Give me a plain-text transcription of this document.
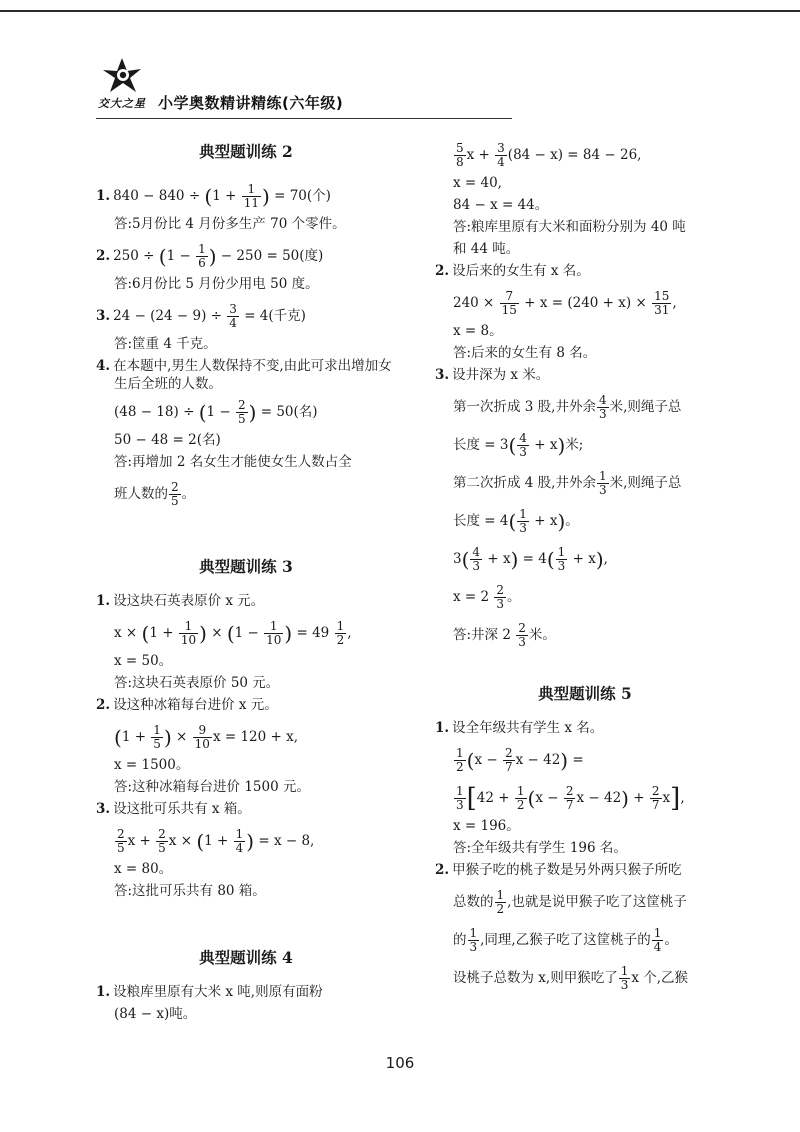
交大之星 小学奥数精讲精练(六年级)
典型题训练 2
1. $840 - 840 \div (1 + \frac{1}{11}$ ) = 70(个)
答:5月份比 4 月份多生产 70 个零件。
2. $250 \div (1 - \frac{1}{6}$ ) − 250 = 50(度)
答:6月份比 5 月份少用电 50 度。
3. $24 - (24 - 9) \div \frac{3}{4} = 4$(千克)
答:筐重 4 千克。
4. 在本题中,男生人数保持不变,由此可求出增加女生后全班的人数。
$(48 - 18) \div (1 - \frac{2}{5}$ ) = 50(名)
50 − 48 = 2(名)
答:再增加 2 名女生才能使女生人数占全
班人数的 $\frac{2}{5}$ 。
典型题训练 3
1. 设这块石英表原价 x 元。
$x \times (1 + \frac{1}{10}$ ) × ($1 - \frac{1}{10}$ ) = $49 \frac{1}{2}$ ,
x = 50。
答:这块石英表原价 50 元。
2. 设这种冰箱每台进价 x 元。
($1 + \frac{1}{5}$ ) × $\frac{9}{10}$ x = 120 + x,
x = 1500。
答:这种冰箱每台进价 1500 元。
3. 设这批可乐共有 x 箱。
$\frac{2}{5}$ $x + \frac{2}{5}$ $x \times (1 + \frac{1}{4}$ ) = x − 8,
x = 80。
答:这批可乐共有 80 箱。
典型题训练 4
1. 设粮库里原有大米 x 吨,则原有面粉
(84 − x)吨。
$\frac{5}{8}$ $x + \frac{3}{4} (84 - x) = 84 - 26$,
x = 40,
84 − x = 44。
答:粮库里原有大米和面粉分别为 40 吨
和 44 吨。
2. 设后来的女生有 x 名。
$240 \times \frac{7}{15} + x = (240 + x) \times \frac{15}{31}$ ,
x = 8。
答:后来的女生有 8 名。
3. 设井深为 x 米。
第一次折成 3 股,井外余 $\frac{4}{3}$ 米,则绳子总
长度 = $3( \frac{4}{3} + x)$米;
第二次折成 4 股,井外余 $\frac{1}{3}$ 米,则绳子总
长度 = $4( \frac{1}{3} + x)$。
$3( \frac{4}{3} + x) = 4( \frac{1}{3} + x)$,
$x = 2 \frac{2}{3}$ 。
答:井深 $2 \frac{2}{3}$ 米。
典型题训练 5
1. 设全年级共有学生 x 名。
$\frac{1}{2} (x - \frac{2}{7}$ x − 42) =
$\frac{1}{3} [42 + \frac{1}{2} (x - \frac{2}{7}$ $x - 42) + \frac{2}{7} x$],
x = 196。
答:全年级共有学生 196 名。
2. 甲猴子吃的桃子数是另外两只猴子所吃
总数的 $\frac{1}{2}$ ,也就是说甲猴子吃了这筐桃子
的 $\frac{1}{3}$ ,同理,乙猴子吃了这筐桃子的 $\frac{1}{4}$ 。
设桃子总数为 x,则甲猴吃了 $\frac{1}{3}$ x 个,乙猴
106
